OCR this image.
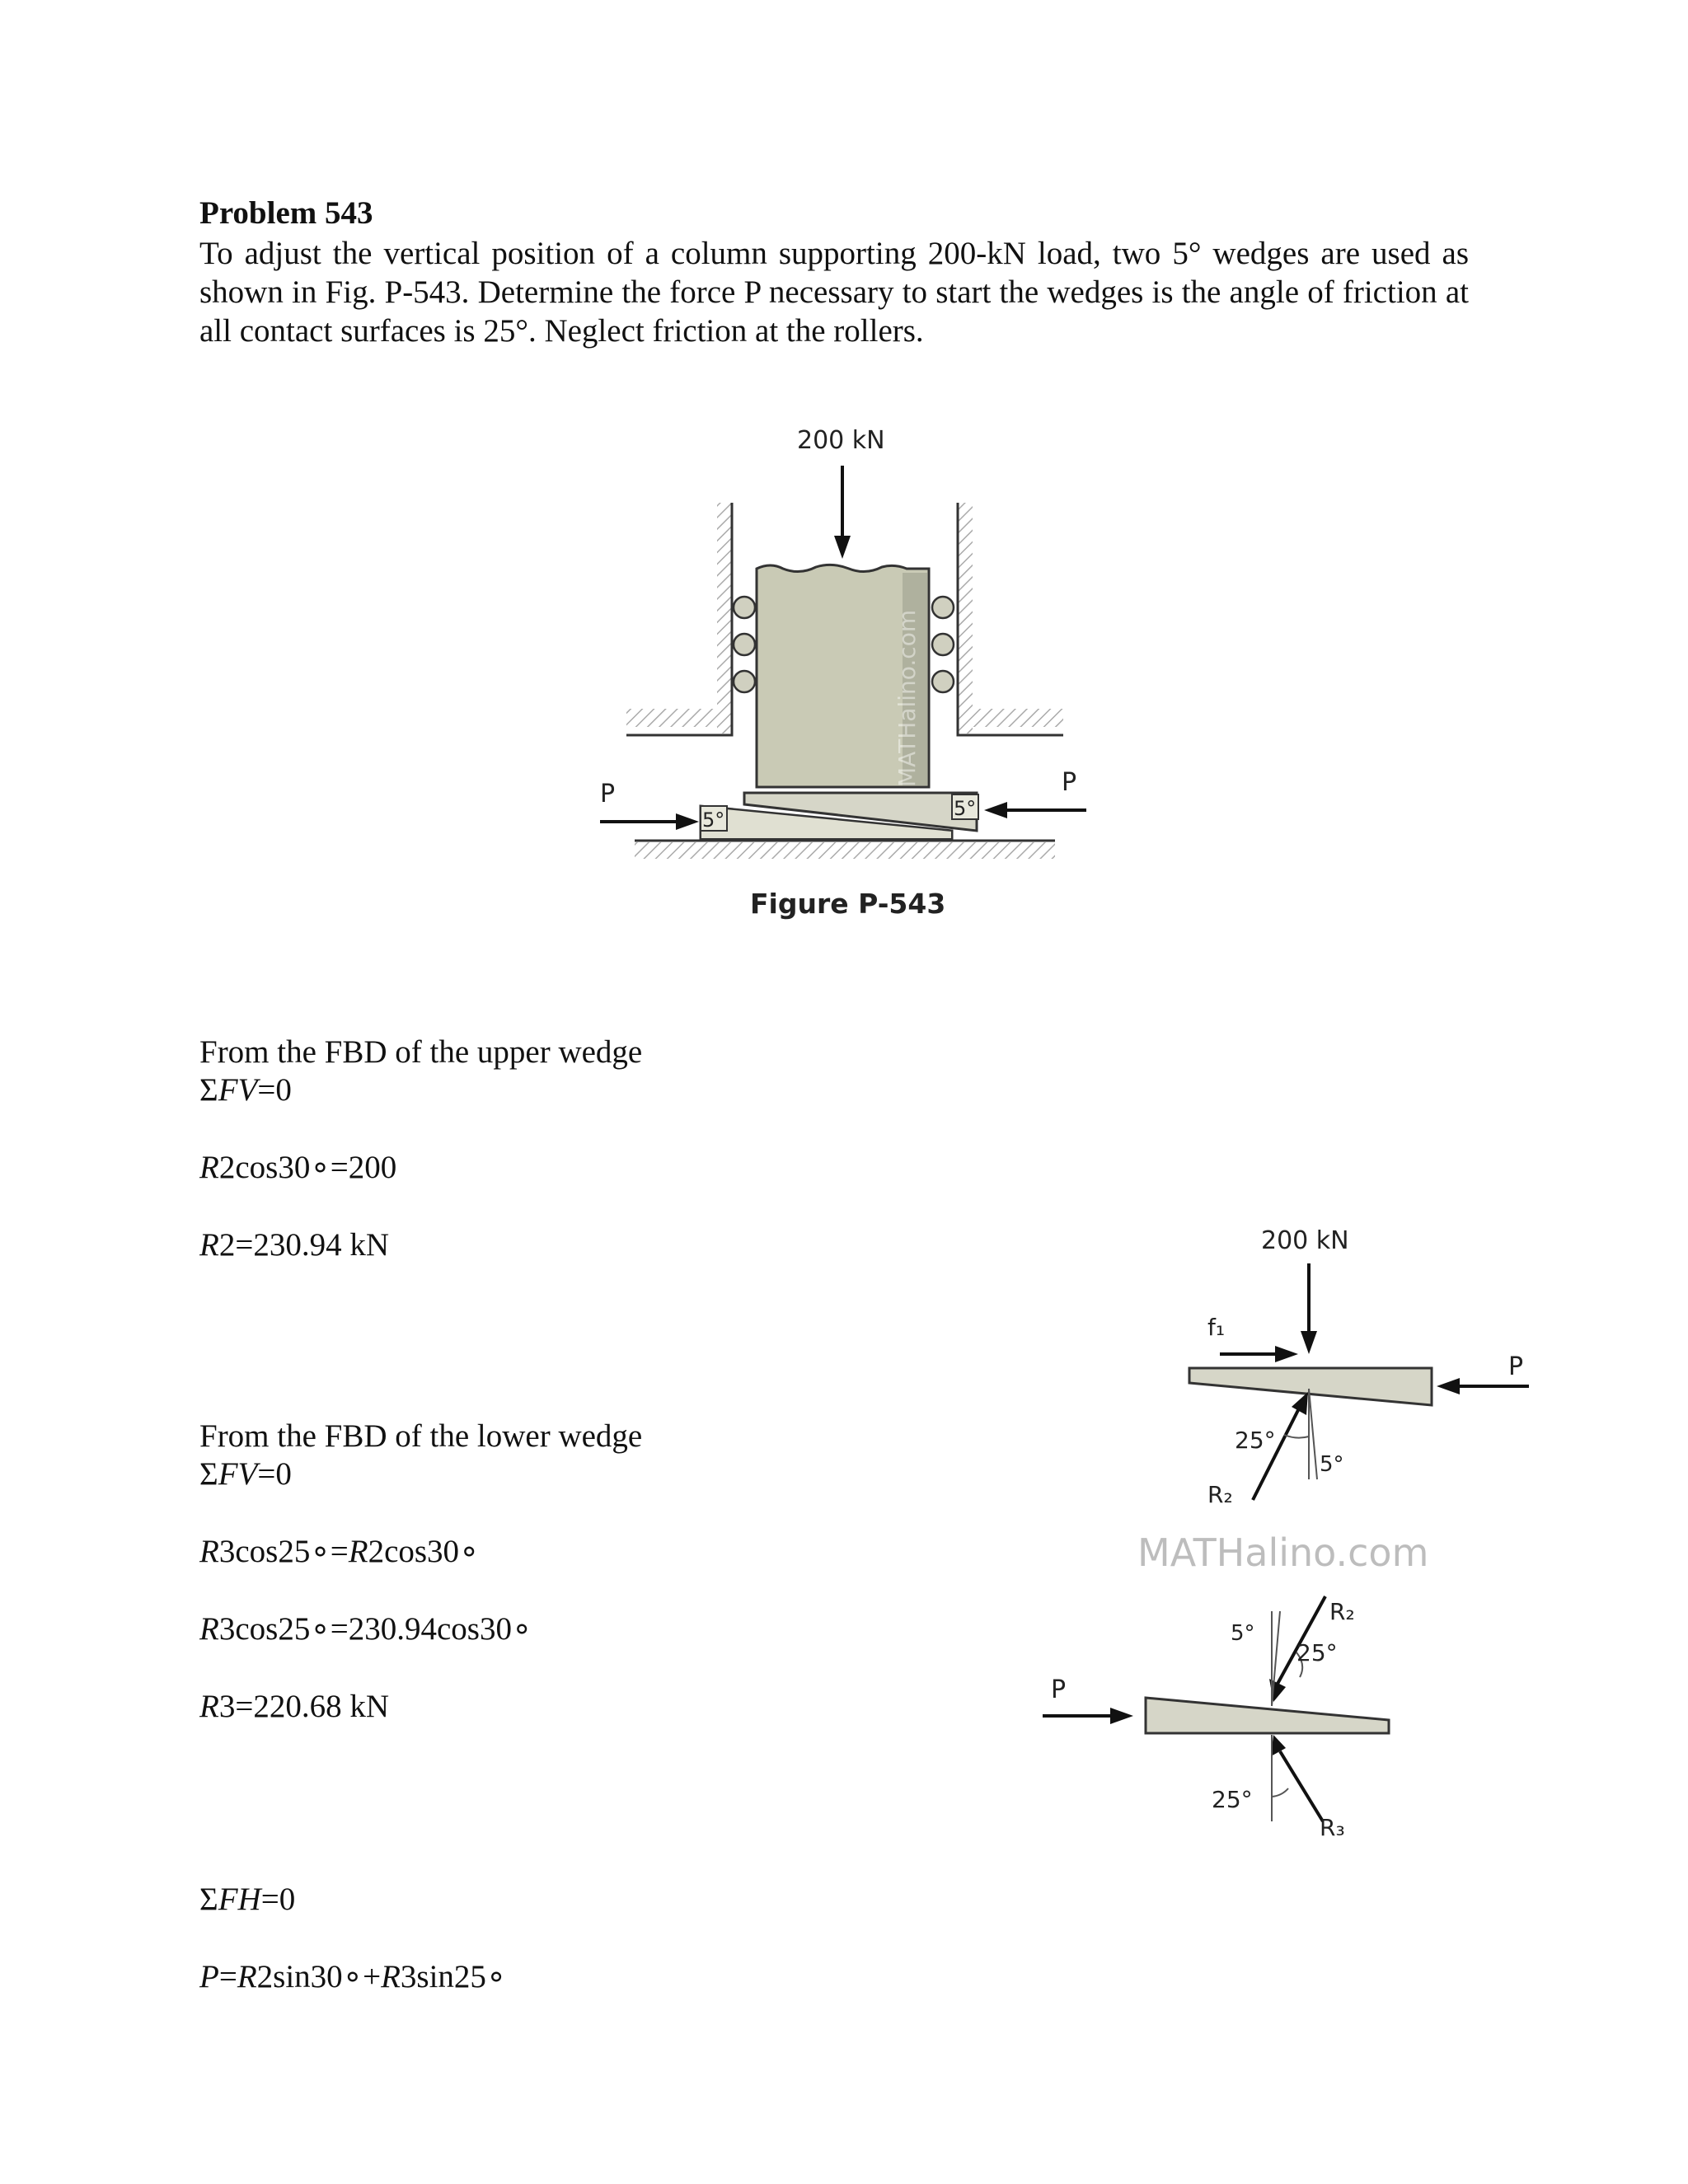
Problem 543
To adjust the vertical position of a column supporting 200-kN load, two 5° wedges are used as shown in Fig. P-543. Determine the force P necessary to start the wedges is the angle of friction at all contact surfaces is 25°. Neglect friction at the rollers.
MATHalino.com
200 kN
5°	5°
P	P
Figure P-543
200 kN
f₁
P
25°
5°
R₂
MATHalino.com
R₂
5°
25°
P
25°
R₃
From the FBD of the upper wedge
ΣFV=0
R2cos30∘=200
R2=230.94 kN
From the FBD of the lower wedge
ΣFV=0
R3cos25∘=R2cos30∘
R3cos25∘=230.94cos30∘
R3=220.68 kN
ΣFH=0
P=R2sin30∘+R3sin25∘
